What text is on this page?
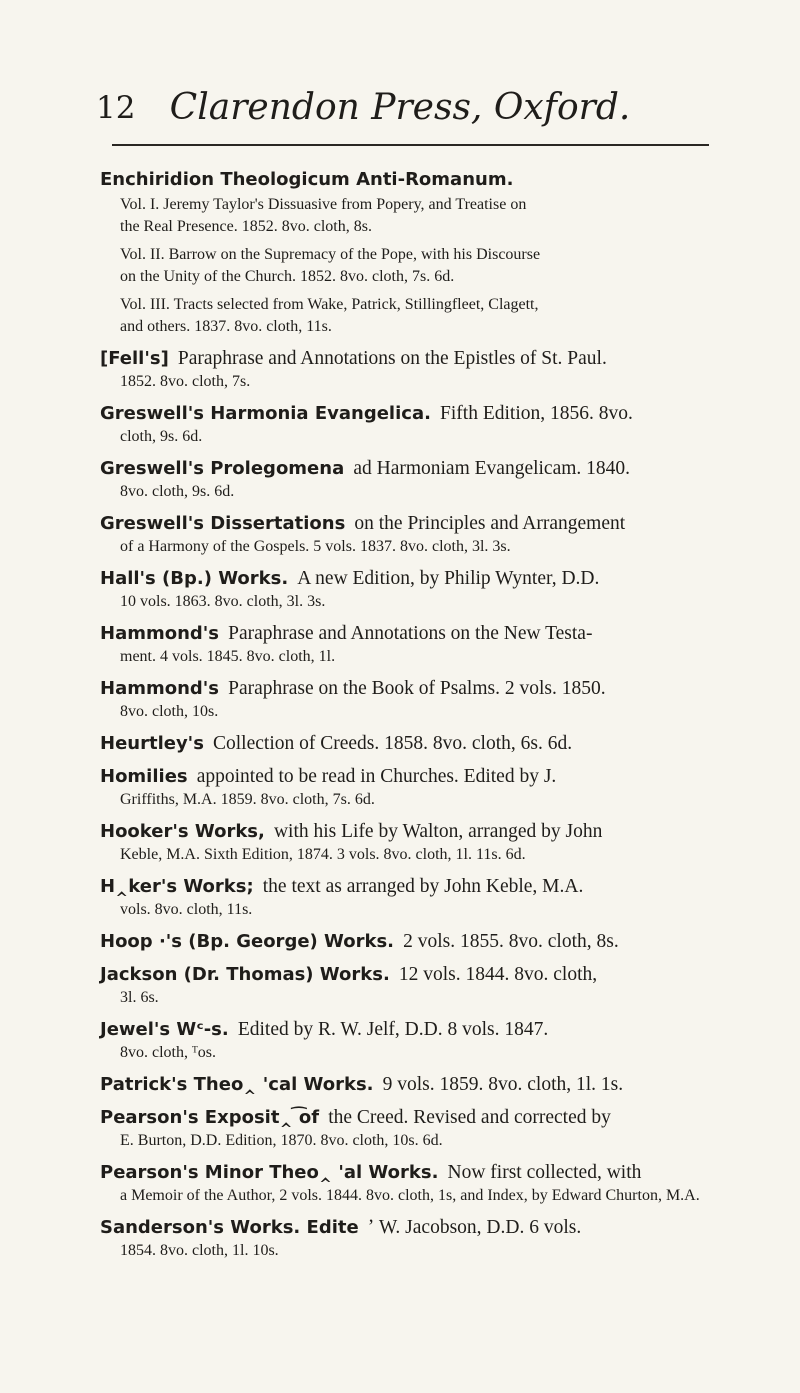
12 Clarendon Press, Oxford.
Enchiridion Theologicum Anti-Romanum.
Vol. I. Jeremy Taylor's Dissuasive from Popery, and Treatise on
the Real Presence. 1852. 8vo. cloth, 8s.
Vol. II. Barrow on the Supremacy of the Pope, with his Discourse
on the Unity of the Church. 1852. 8vo. cloth, 7s. 6d.
Vol. III. Tracts selected from Wake, Patrick, Stillingfleet, Clagett,
and others. 1837. 8vo. cloth, 11s.
[Fell's] Paraphrase and Annotations on the Epistles of St. Paul.
1852. 8vo. cloth, 7s.
Greswell's Harmonia Evangelica. Fifth Edition, 1856. 8vo.
cloth, 9s. 6d.
Greswell's Prolegomena ad Harmoniam Evangelicam. 1840.
8vo. cloth, 9s. 6d.
Greswell's Dissertations on the Principles and Arrangement
of a Harmony of the Gospels. 5 vols. 1837. 8vo. cloth, 3l. 3s.
Hall's (Bp.) Works. A new Edition, by Philip Wynter, D.D.
10 vols. 1863. 8vo. cloth, 3l. 3s.
Hammond's Paraphrase and Annotations on the New Testa-
ment. 4 vols. 1845. 8vo. cloth, 1l.
Hammond's Paraphrase on the Book of Psalms. 2 vols. 1850.
8vo. cloth, 10s.
Heurtley's Collection of Creeds. 1858. 8vo. cloth, 6s. 6d.
Homilies appointed to be read in Churches. Edited by J.
Griffiths, M.A. 1859. 8vo. cloth, 7s. 6d.
Hooker's Works, with his Life by Walton, arranged by John
Keble, M.A. Sixth Edition, 1874. 3 vols. 8vo. cloth, 1l. 11s. 6d.
H‸ker's Works; the text as arranged by John Keble, M.A.
vols. 8vo. cloth, 11s.
Hoop ·'s (Bp. George) Works. 2 vols. 1855. 8vo. cloth, 8s.
Jackson (Dr. Thomas) Works. 12 vols. 1844. 8vo. cloth,
3l. 6s.
Jewel's Wᶜ‐s. Edited by R. W. Jelf, D.D. 8 vols. 1847.
8vo. cloth, ᵀos.
Patrick's Theo‸ 'cal Works. 9 vols. 1859. 8vo. cloth, 1l. 1s.
Pearson's Exposit‸ ͡of the Creed. Revised and corrected by
E. Burton, D.D. Edition, 1870. 8vo. cloth, 10s. 6d.
Pearson's Minor Theo‸ 'al Works. Now first collected, with
a Memoir of the Author, 2 vols. 1844. 8vo. cloth, 1s, and Index, by Edward Churton, M.A.
Sanderson's Works. Edite ʼ W. Jacobson, D.D. 6 vols.
1854. 8vo. cloth, 1l. 10s.
